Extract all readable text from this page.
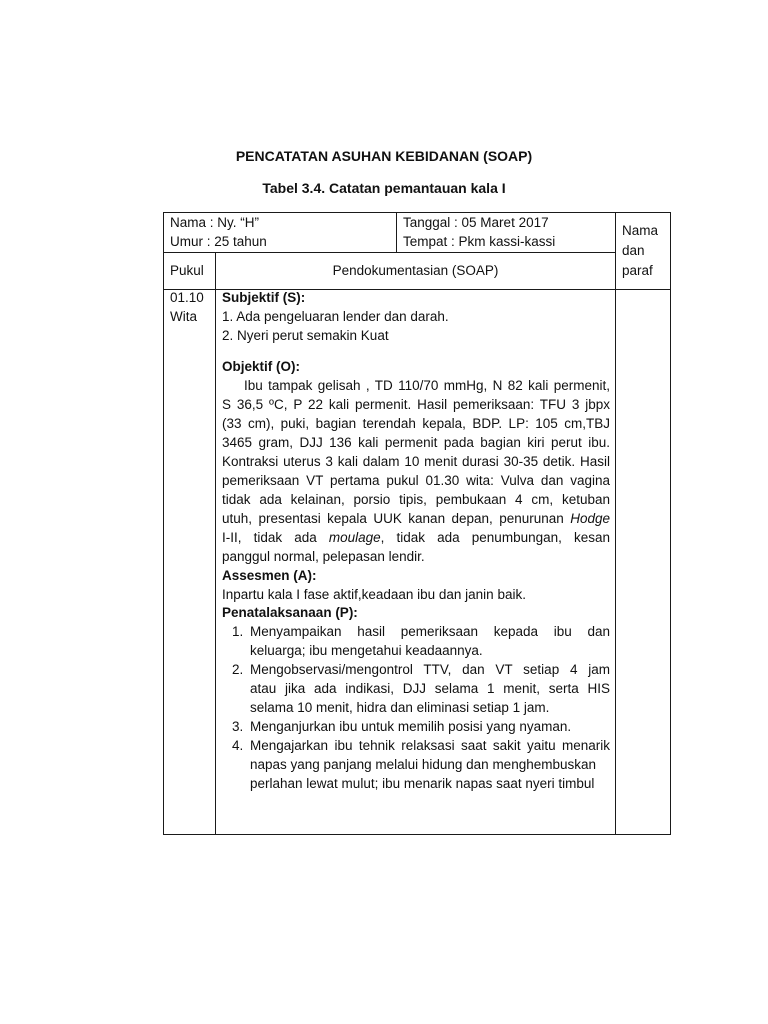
PENCATATAN ASUHAN KEBIDANAN (SOAP)
Tabel 3.4. Catatan pemantauan kala I
Nama : Ny. “H”
Umur : 25 tahun
Tanggal : 05 Maret 2017
Tempat : Pkm kassi-kassi
Nama
dan
paraf
Pukul	Pendokumentasian (SOAP)
01.10
Wita
Subjektif (S):
1. Ada pengeluaran lender dan darah.
2. Nyeri perut semakin Kuat
Objektif (O):
Ibu tampak gelisah , TD 110/70 mmHg, N 82 kali permenit,
S 36,5 ºC, P 22 kali permenit. Hasil pemeriksaan: TFU 3 jbpx
(33 cm), puki, bagian terendah kepala, BDP. LP: 105 cm,TBJ
3465 gram, DJJ 136 kali permenit pada bagian kiri perut ibu.
Kontraksi uterus 3 kali dalam 10 menit durasi 30-35 detik. Hasil
pemeriksaan VT pertama pukul 01.30 wita: Vulva dan vagina
tidak ada kelainan, porsio tipis, pembukaan 4 cm, ketuban
utuh, presentasi kepala UUK kanan depan, penurunan Hodge
I-II, tidak ada moulage, tidak ada penumbungan, kesan
panggul normal, pelepasan lendir.
Assesmen (A):
Inpartu kala I fase aktif,keadaan ibu dan janin baik.
Penatalaksanaan (P):
1. Menyampaikan hasil pemeriksaan kepada ibu dan
keluarga; ibu mengetahui keadaannya.
2. Mengobservasi/mengontrol TTV, dan VT setiap 4 jam
atau jika ada indikasi, DJJ selama 1 menit, serta HIS
selama 10 menit, hidra dan eliminasi setiap 1 jam.
3. Menganjurkan ibu untuk memilih posisi yang nyaman.
4. Mengajarkan ibu tehnik relaksasi saat sakit yaitu menarik
napas yang panjang melalui hidung dan menghembuskan
perlahan lewat mulut; ibu menarik napas saat nyeri timbul
